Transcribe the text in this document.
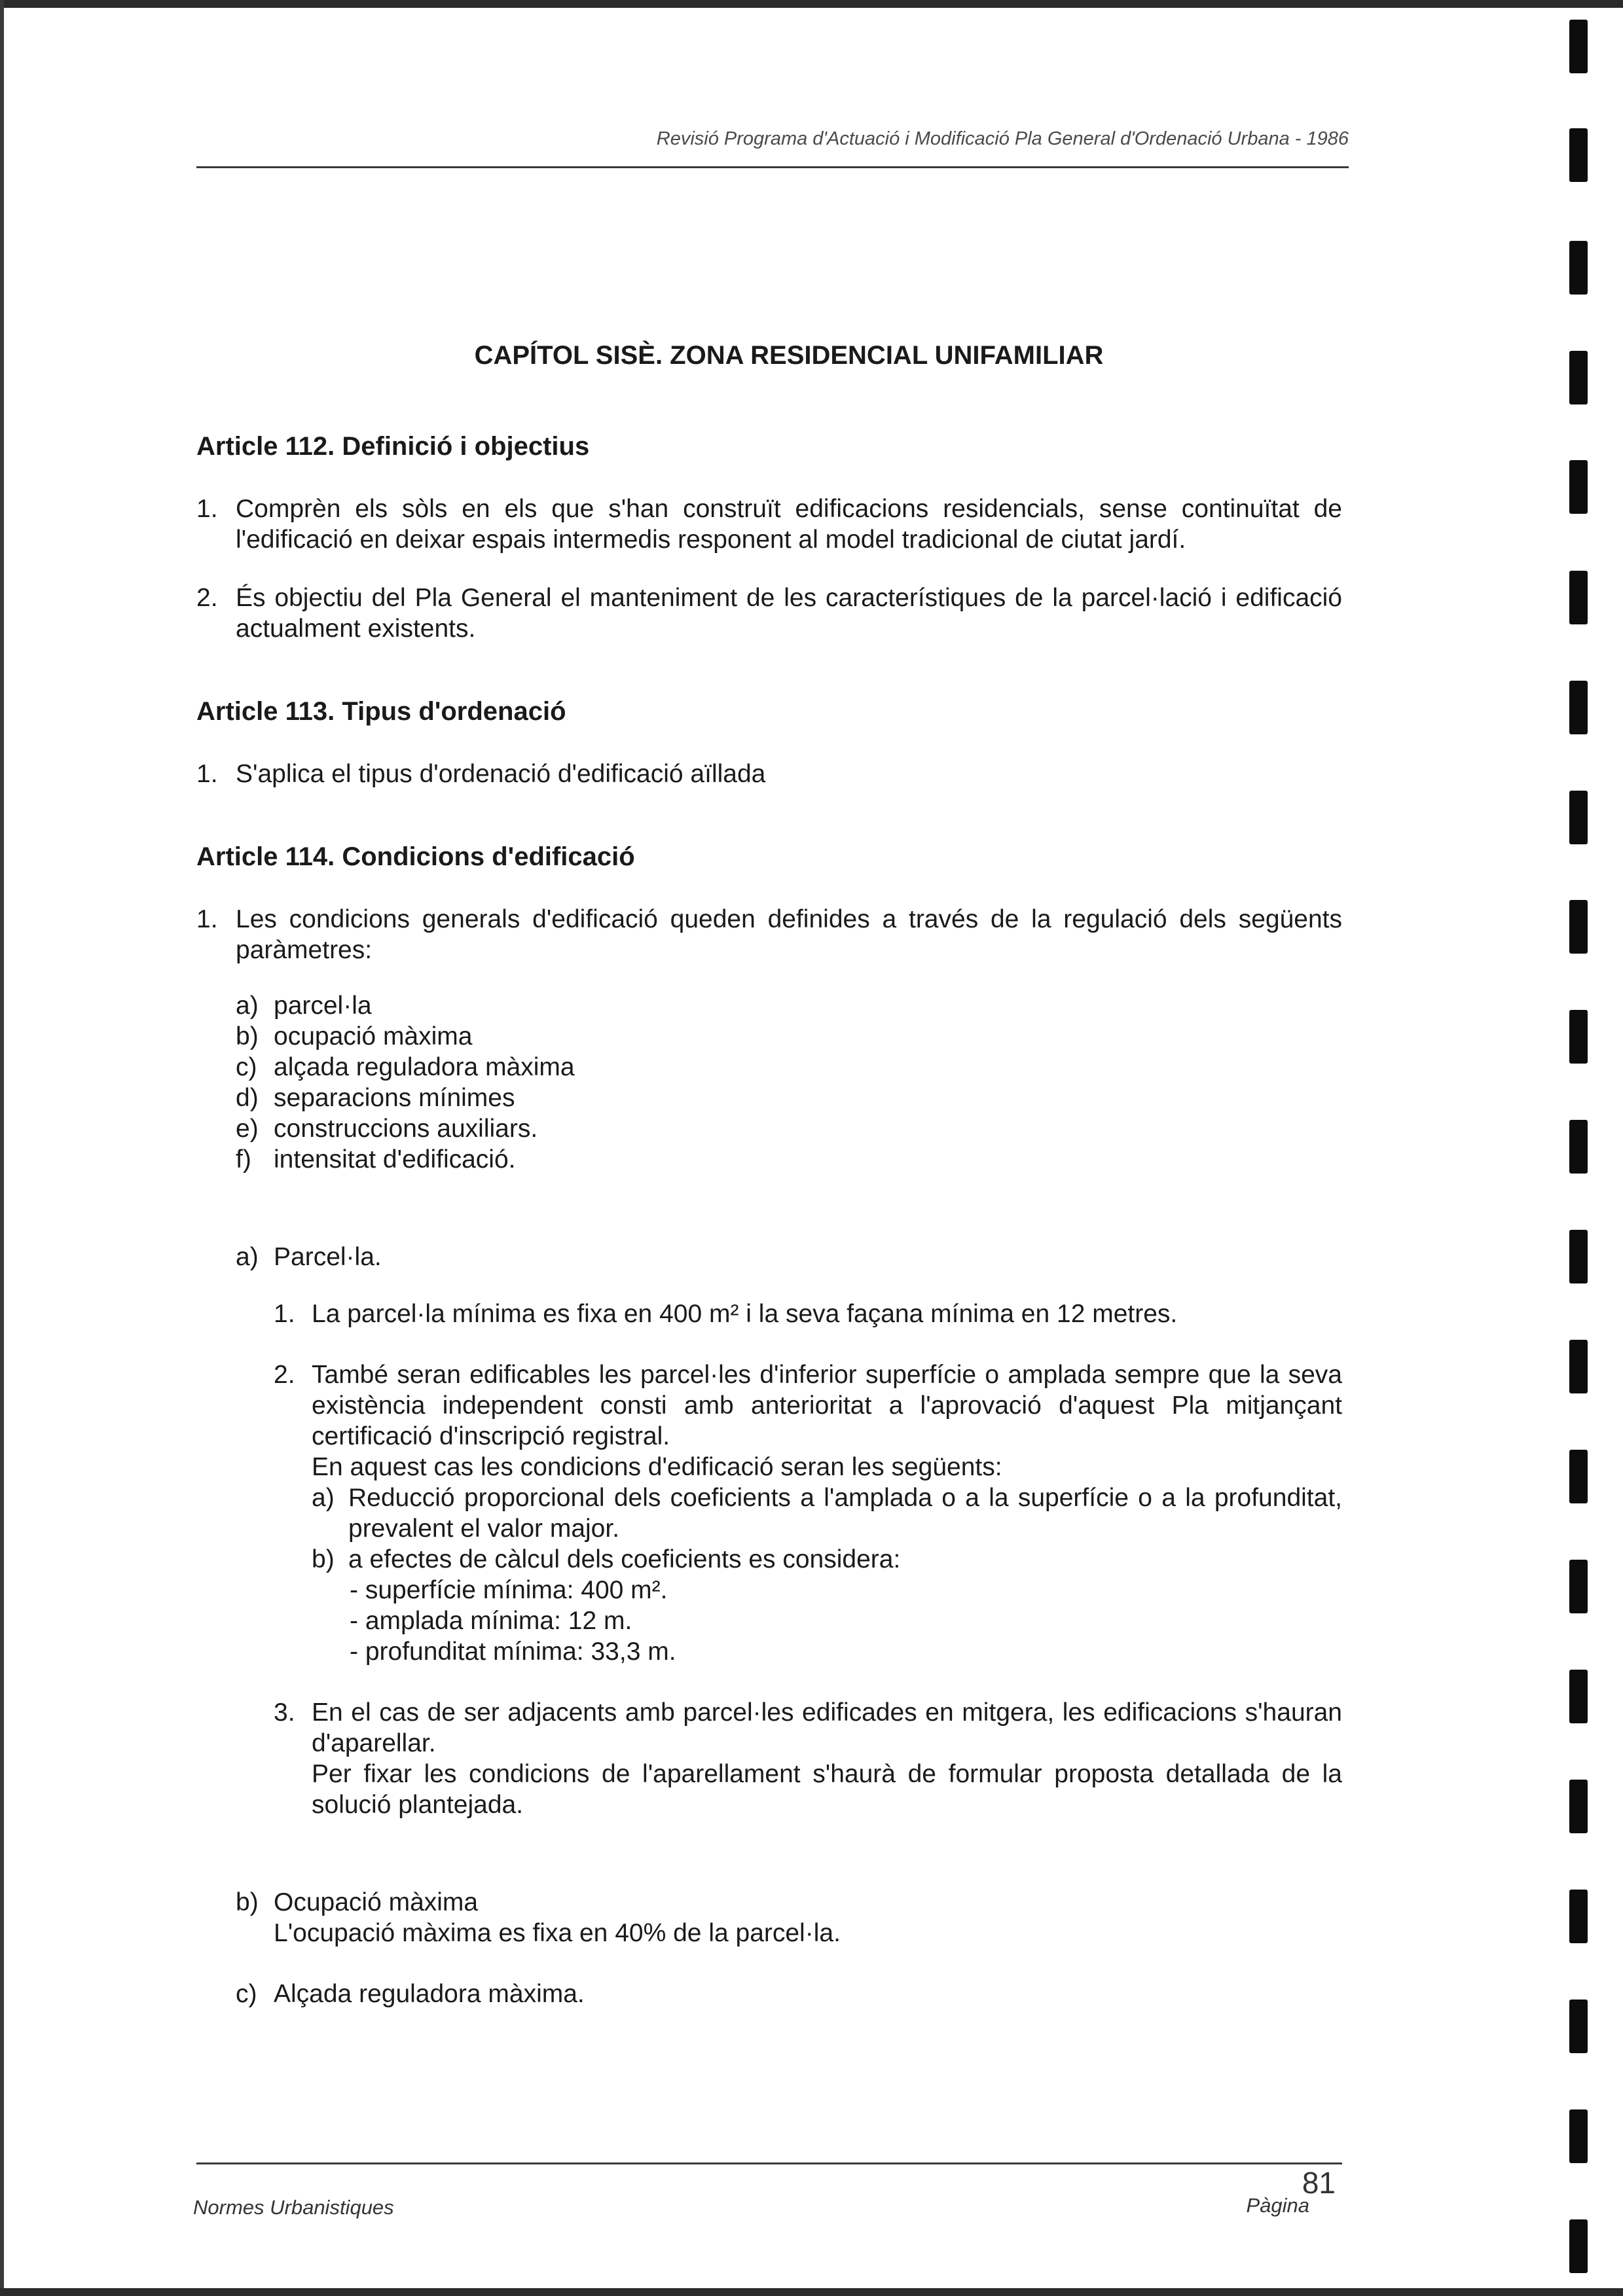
Revisió Programa d'Actuació i Modificació Pla General d'Ordenació Urbana - 1986
CAPÍTOL SISÈ. ZONA RESIDENCIAL UNIFAMILIAR
Article 112. Definició i objectius
1. Comprèn els sòls en els que s'han construït edificacions residencials, sense continuïtat de l'edificació en deixar espais intermedis responent al model tradicional de ciutat jardí.
2. És objectiu del Pla General el manteniment de les característiques de la parcel·lació i edificació actualment existents.
Article 113. Tipus d'ordenació
1. S'aplica el tipus d'ordenació d'edificació aïllada
Article 114. Condicions d'edificació
1. Les condicions generals d'edificació queden definides a través de la regulació dels següents paràmetres:
a) parcel·la
b) ocupació màxima
c) alçada reguladora màxima
d) separacions mínimes
e) construccions auxiliars.
f) intensitat d'edificació.
a) Parcel·la.
1. La parcel·la mínima es fixa en 400 m² i la seva façana mínima en 12 metres.
2. També seran edificables les parcel·les d'inferior superfície o amplada sempre que la seva existència independent consti amb anterioritat a l'aprovació d'aquest Pla mitjançant certificació d'inscripció registral.
En aquest cas les condicions d'edificació seran les següents:
a) Reducció proporcional dels coeficients a l'amplada o a la superfície o a la profunditat, prevalent el valor major.
b) a efectes de càlcul dels coeficients es considera:
- superfície mínima: 400 m².
- amplada mínima: 12 m.
- profunditat mínima: 33,3 m.
3. En el cas de ser adjacents amb parcel·les edificades en mitgera, les edificacions s'hauran d'aparellar.
Per fixar les condicions de l'aparellament s'haurà de formular proposta detallada de la solució plantejada.
b) Ocupació màxima
L'ocupació màxima es fixa en 40% de la parcel·la.
c) Alçada reguladora màxima.
81
Normes Urbanistiques	Pàgina
